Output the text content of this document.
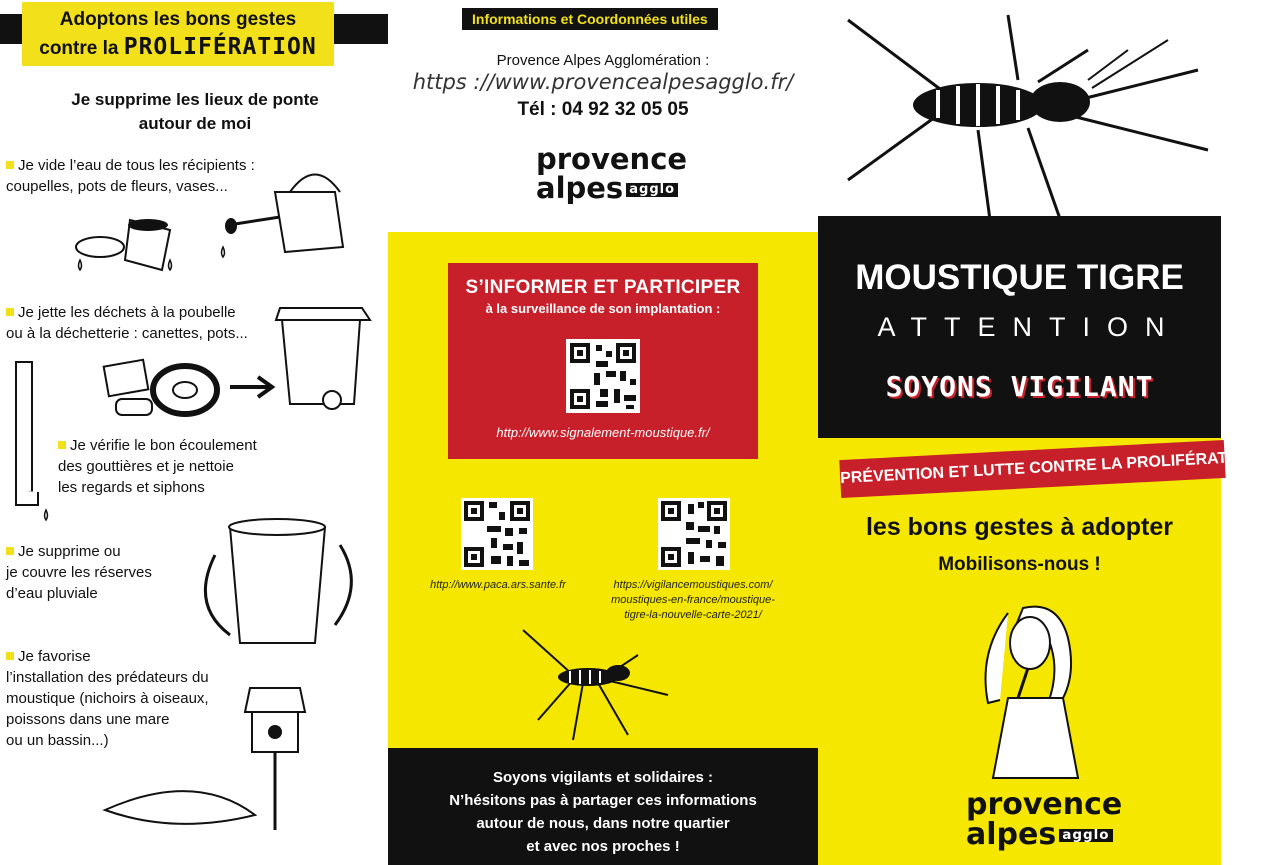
Adoptons les bons gestes
contre la PROLIFÉRATION
Je supprime les lieux de ponte
autour de moi
Je vide l’eau de tous les récipients :
coupelles, pots de fleurs, vases...
Je jette les déchets à la poubelle
ou à la déchetterie : canettes, pots...
Je vérifie le bon écoulement
des gouttières et je nettoie
les regards et siphons
Je supprime ou
je couvre les réserves
d’eau pluviale
Je favorise
l’installation des prédateurs du
moustique (nichoirs à oiseaux,
poissons dans une mare
ou un bassin...)
Informations et Coordonnées utiles
Provence Alpes Agglomération :
https ://www.provencealpesagglo.fr/
Tél : 04 92 32 05 05
provence
alpes agglo
S’INFORMER ET PARTICIPER
à la surveillance de son implantation :
http://www.signalement-moustique.fr/
http://www.paca.ars.sante.fr	https://vigilancemoustiques.com/
moustiques-en-france/moustique-
tigre-la-nouvelle-carte-2021/
Soyons vigilants et solidaires :
N’hésitons pas à partager ces informations
autour de nous, dans notre quartier
et avec nos proches !
MOUSTIQUE TIGRE
ATTENTION
SOYONS VIGILANT
PRÉVENTION ET LUTTE CONTRE LA PROLIFÉRATION :
les bons gestes à adopter
Mobilisons-nous !
provence
alpes agglo
